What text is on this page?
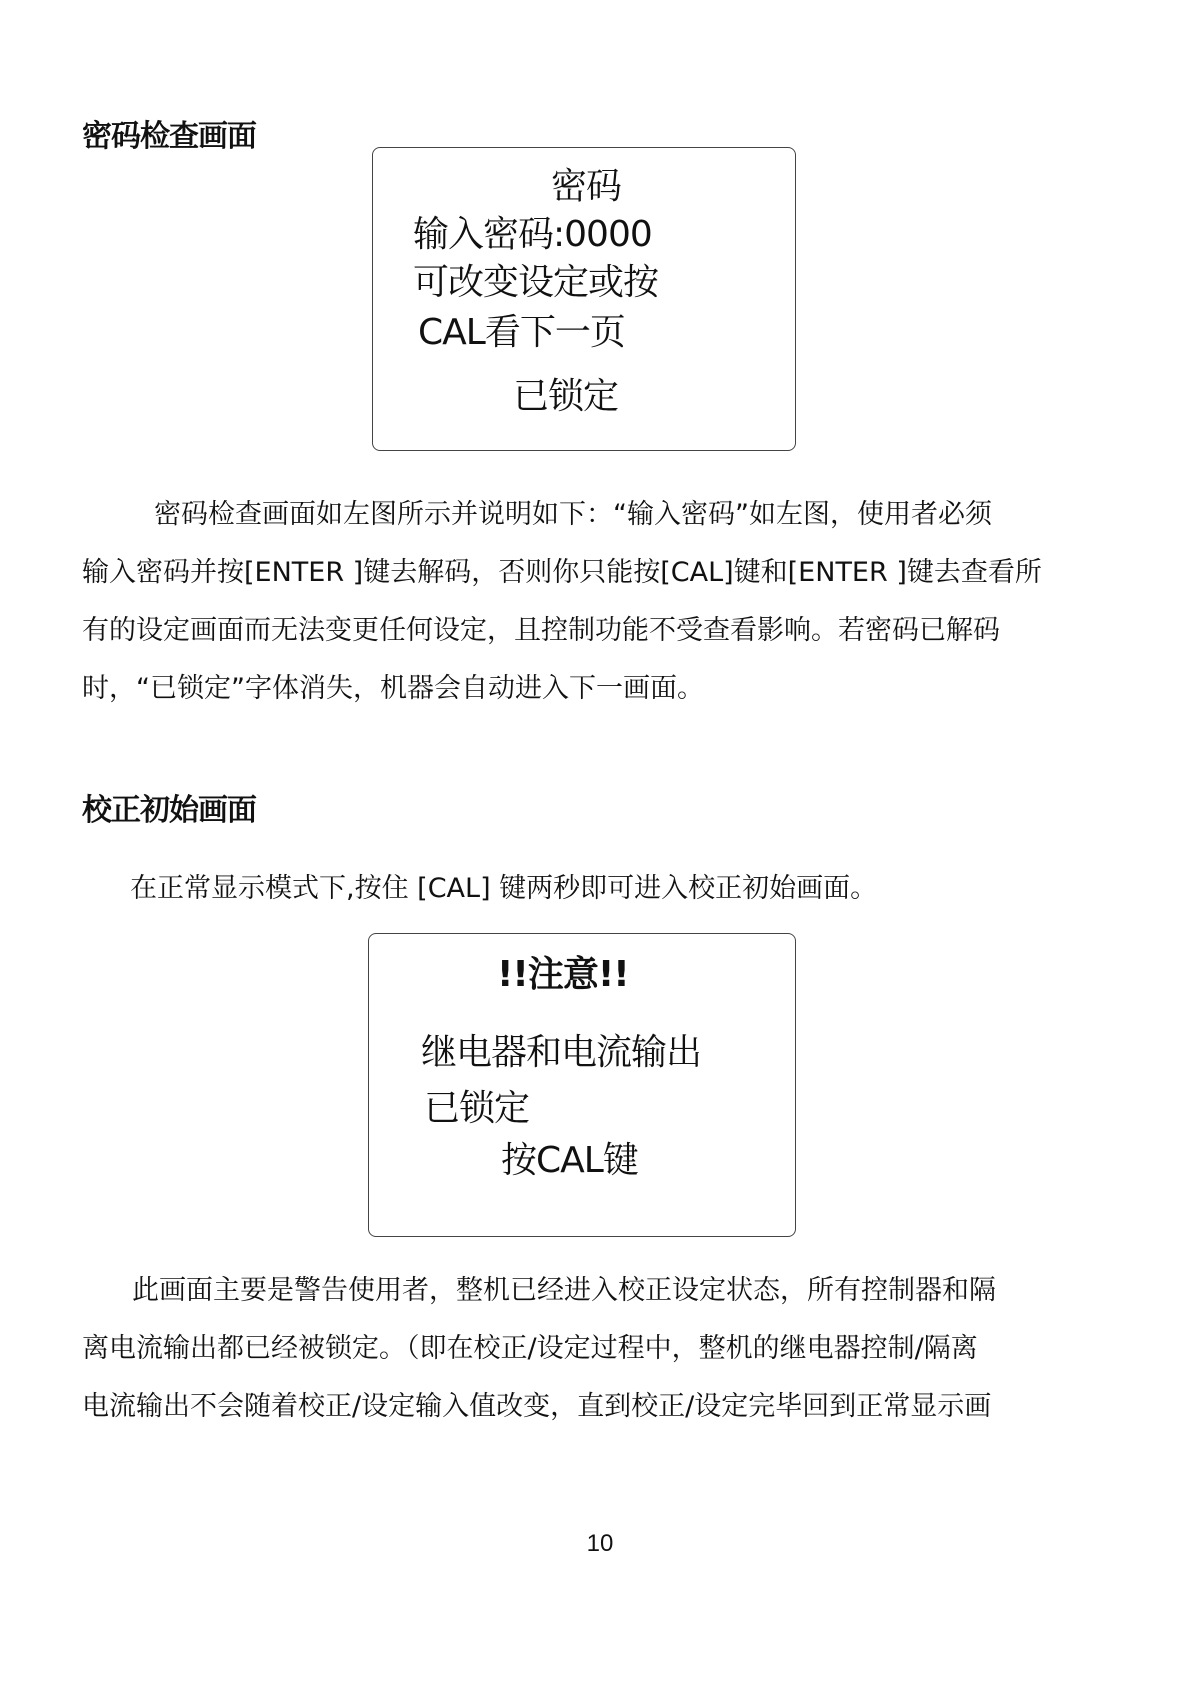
密码检查画面
密码
输入密码:0000
可改变设定或按
CAL看下一页
已锁定
密码检查画面如左图所示并说明如下：“输入密码”如左图，使用者必须
输入密码并按[ENTER ]键去解码，否则你只能按[CAL]键和[ENTER ]键去查看所
有的设定画面而无法变更任何设定，且控制功能不受查看影响。若密码已解码
时，“已锁定”字体消失，机器会自动进入下一画面。
校正初始画面

在正常显示模式下,按住 [CAL] 键两秒即可进入校正初始画面。

!!注意!!
继电器和电流输出
已锁定
按CAL键
此画面主要是警告使用者，整机已经进入校正设定状态，所有控制器和隔
离电流输出都已经被锁定。（即在校正/设定过程中，整机的继电器控制/隔离
电流输出不会随着校正/设定输入值改变，直到校正/设定完毕回到正常显示画
10
